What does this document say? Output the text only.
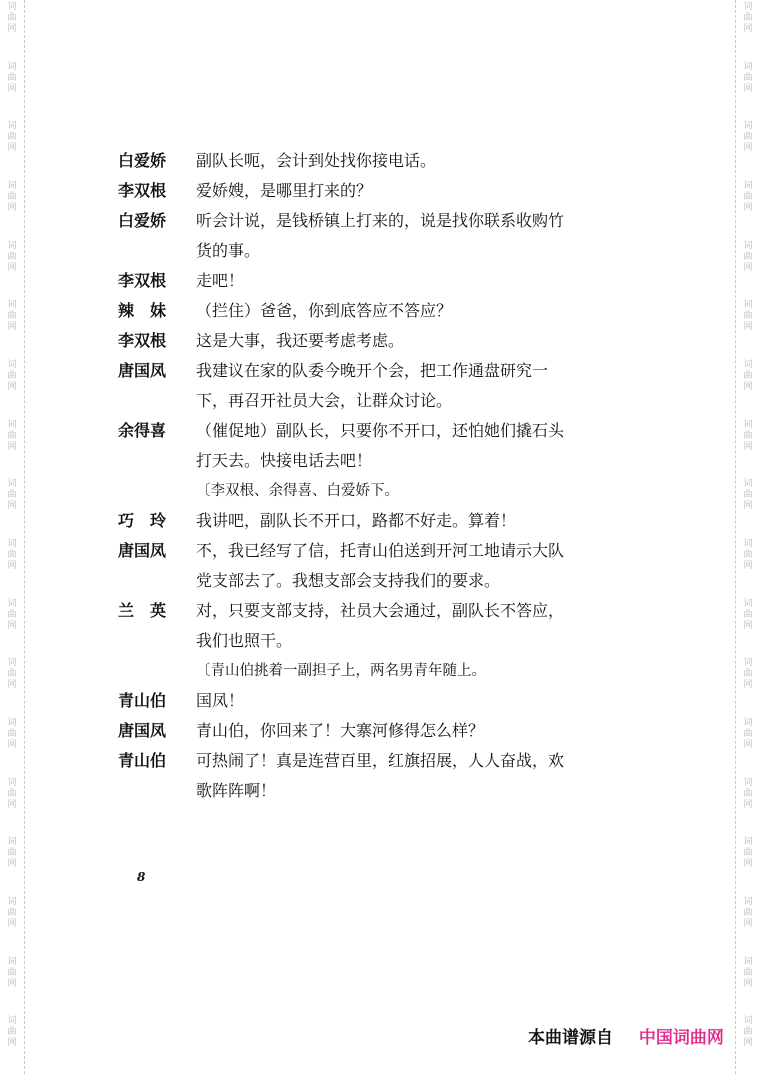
词
曲
网
词
曲
网
词
曲
网
词
曲
网
词
曲
网
词
曲
网
词
曲
网
词
曲
网
词
曲
网
词
曲
网
词
曲
网
词
曲
网
词
曲
网
词
曲
网
词
曲
网
词
曲
网
词
曲
网
词
曲
网
词
曲
网
词
曲
网
词
曲
网
词
曲
网
词
曲
网
词
曲
网
词
曲
网
词
曲
网
词
曲
网
词
曲
网
词
曲
网
词
曲
网
词
曲
网
词
曲
网
词
曲
网
词
曲
网
词
曲
网
词
曲
网
白爱娇	副队长呃，会计到处找你接电话。
李双根	爱娇嫂，是哪里打来的？
白爱娇	听会计说，是钱桥镇上打来的，说是找你联系收购竹货的事。
李双根	走吧！
辣　妹	（拦住）爸爸，你到底答应不答应？
李双根	这是大事，我还要考虑考虑。
唐国凤	我建议在家的队委今晚开个会，把工作通盘研究一下，再召开社员大会，让群众讨论。
余得喜	（催促地）副队长，只要你不开口，还怕她们撬石头打天去。快接电话去吧！
〔李双根、余得喜、白爱娇下。
巧　玲	我讲吧，副队长不开口，路都不好走。算着！
唐国凤	不，我已经写了信，托青山伯送到开河工地请示大队党支部去了。我想支部会支持我们的要求。
兰　英	对，只要支部支持，社员大会通过，副队长不答应，我们也照干。
〔青山伯挑着一副担子上，两名男青年随上。
青山伯	国凤！
唐国凤	青山伯，你回来了！大寨河修得怎么样？
青山伯	可热闹了！真是连营百里，红旗招展，人人奋战，欢歌阵阵啊！
8
本曲谱源自 中国词曲网
